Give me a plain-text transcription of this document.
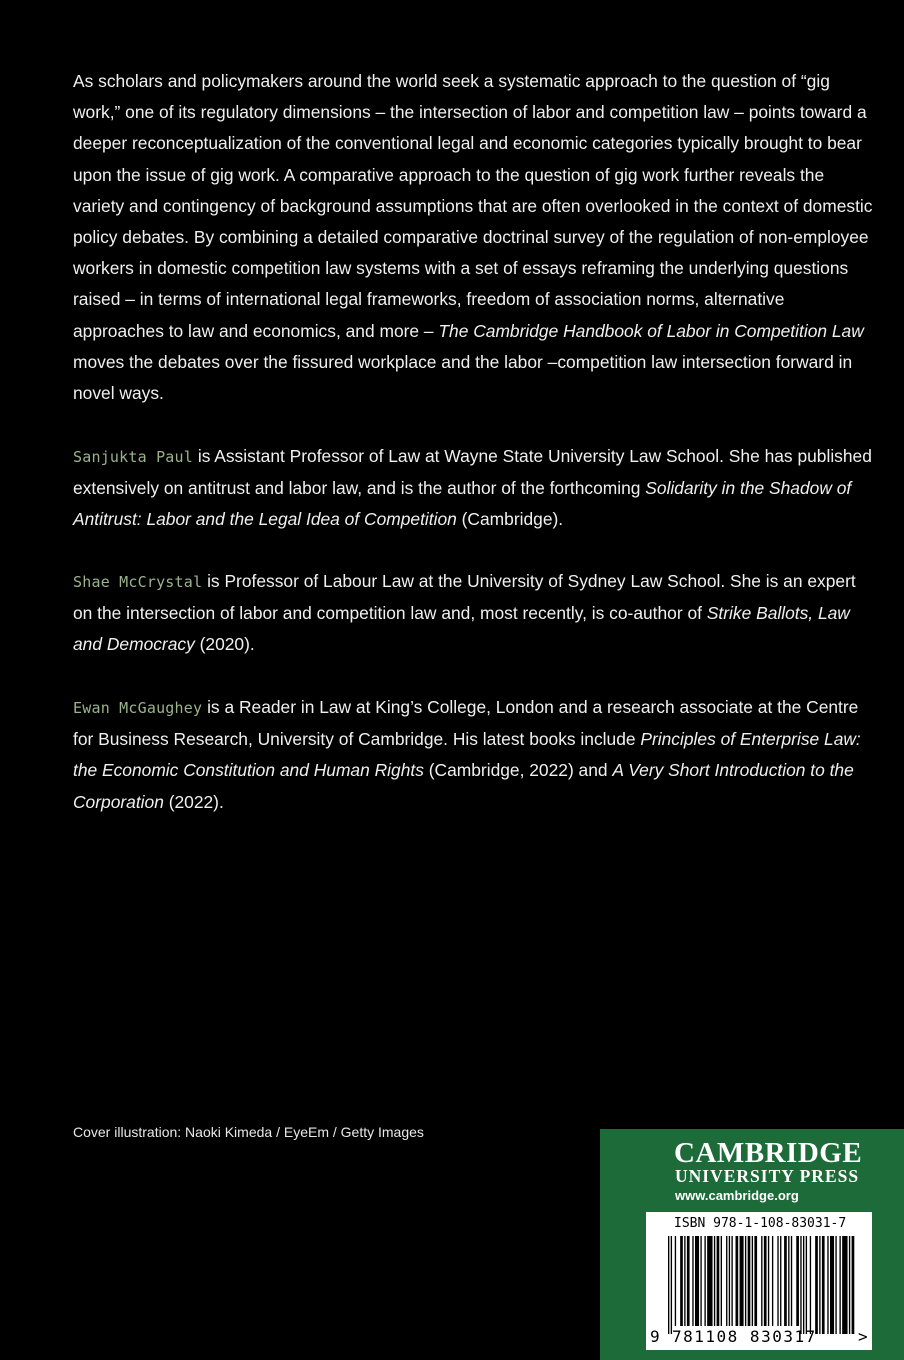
As scholars and policymakers around the world seek a systematic approach to the question of “gig work,” one of its regulatory dimensions – the intersection of labor and competition law – points toward a deeper reconceptualization of the conventional legal and economic categories typically brought to bear upon the issue of gig work. A comparative approach to the question of gig work further reveals the variety and contingency of background assumptions that are often overlooked in the context of domestic policy debates. By combining a detailed comparative doctrinal survey of the regulation of non-employee workers in domestic competition law systems with a set of essays reframing the underlying questions raised – in terms of international legal frameworks, freedom of association norms, alternative approaches to law and economics, and more – The Cambridge Handbook of Labor in Competition Law moves the debates over the fissured workplace and the labor –competition law intersection forward in novel ways.
Sanjukta Paul is Assistant Professor of Law at Wayne State University Law School. She has published extensively on antitrust and labor law, and is the author of the forthcoming Solidarity in the Shadow of Antitrust: Labor and the Legal Idea of Competition (Cambridge).
Shae McCrystal is Professor of Labour Law at the University of Sydney Law School. She is an expert on the intersection of labor and competition law and, most recently, is co-author of Strike Ballots, Law and Democracy (2020).
Ewan McGaughey is a Reader in Law at King’s College, London and a research associate at the Centre for Business Research, University of Cambridge. His latest books include Principles of Enterprise Law: the Economic Constitution and Human Rights (Cambridge, 2022) and A Very Short Introduction to the Corporation (2022).
Cover illustration: Naoki Kimeda / EyeEm / Getty Images
CAMBRIDGE
UNIVERSITY PRESS
www.cambridge.org
ISBN 978-1-108-83031-7
9 781108 830317	>
